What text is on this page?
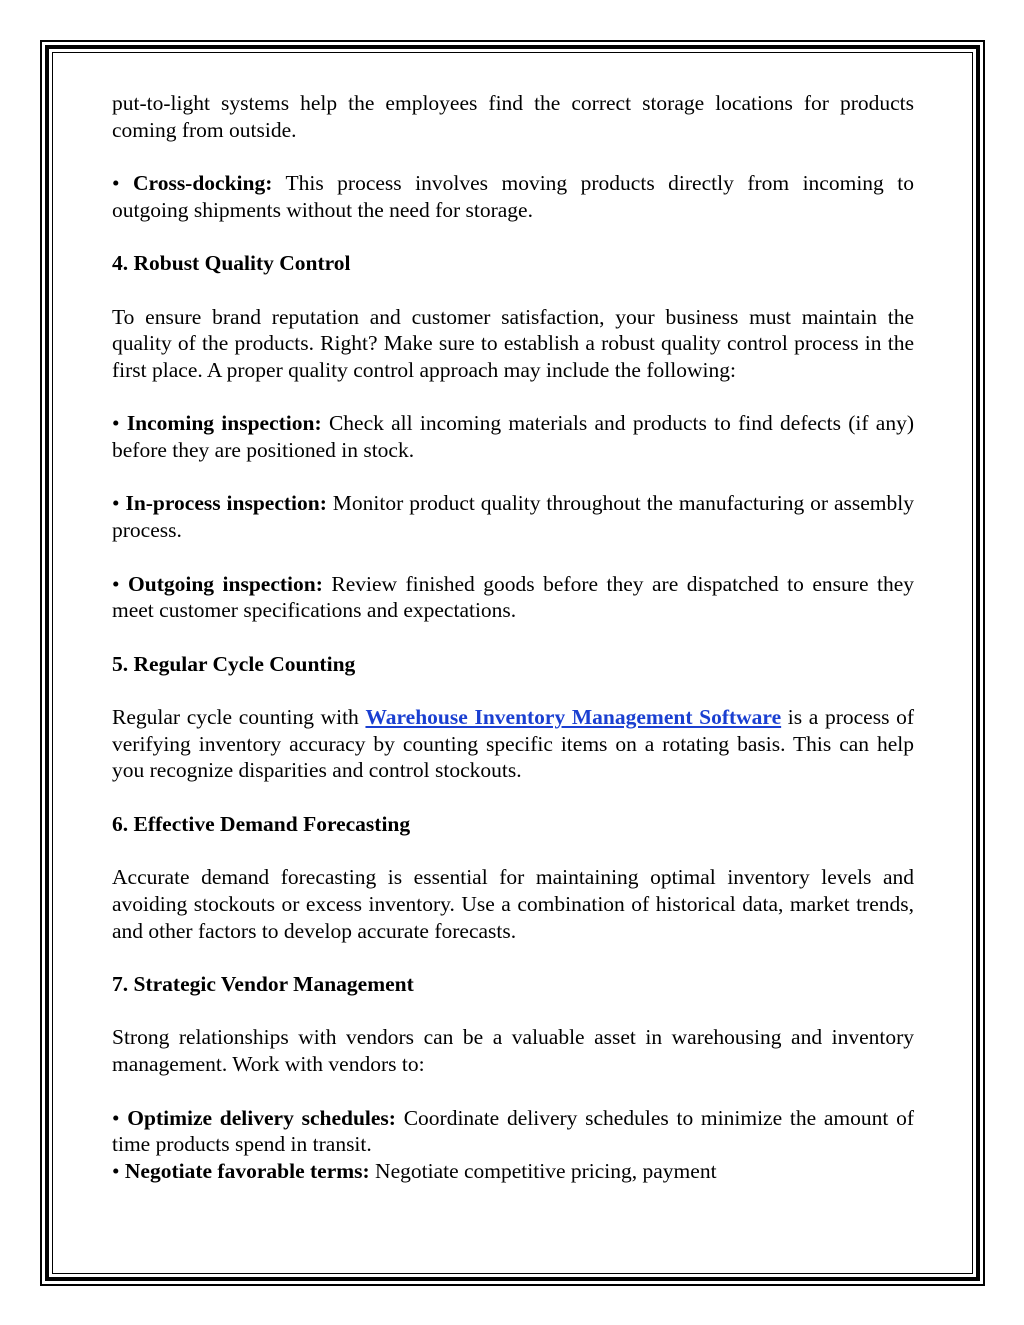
put-to-light systems help the employees find the correct storage locations for products coming from outside.

• Cross-docking: This process involves moving products directly from incoming to outgoing shipments without the need for storage.

4. Robust Quality Control

To ensure brand reputation and customer satisfaction, your business must maintain the quality of the products. Right? Make sure to establish a robust quality control process in the first place. A proper quality control approach may include the following:

• Incoming inspection: Check all incoming materials and products to find defects (if any) before they are positioned in stock.

• In-process inspection: Monitor product quality throughout the manufacturing or assembly process.

• Outgoing inspection: Review finished goods before they are dispatched to ensure they meet customer specifications and expectations.

5. Regular Cycle Counting

Regular cycle counting with Warehouse Inventory Management Software is a process of verifying inventory accuracy by counting specific items on a rotating basis. This can help you recognize disparities and control stockouts.

6. Effective Demand Forecasting

Accurate demand forecasting is essential for maintaining optimal inventory levels and avoiding stockouts or excess inventory. Use a combination of historical data, market trends, and other factors to develop accurate forecasts.

7. Strategic Vendor Management

Strong relationships with vendors can be a valuable asset in warehousing and inventory management. Work with vendors to:

• Optimize delivery schedules: Coordinate delivery schedules to minimize the amount of time products spend in transit.

• Negotiate favorable terms: Negotiate competitive pricing, payment
